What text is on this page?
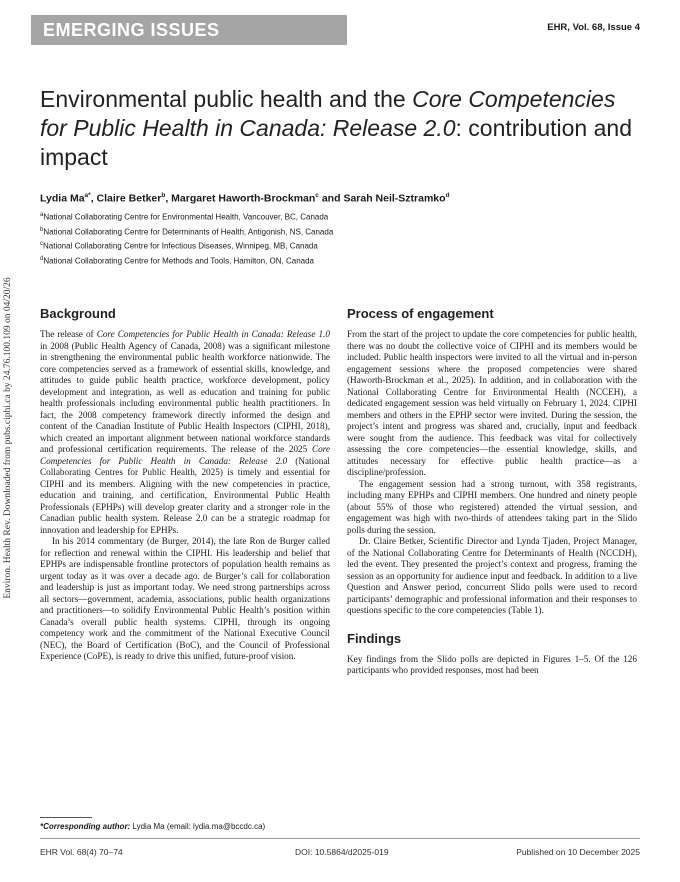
EMERGING ISSUES	EHR, Vol. 68, Issue 4
Environ. Health Rev. Downloaded from pubs.ciphi.ca by 24.76.100.109 on 04/20/26
Environmental public health and the Core Competencies for Public Health in Canada: Release 2.0: contribution and impact
Lydia $Ma^{a*}$, Claire Betker$^b$, Margaret Haworth-Brockman$^c$ and Sarah Neil-Sztramko$^d$
$^a$National Collaborating Centre for Environmental Health, Vancouver, BC, Canada
$^b$National Collaborating Centre for Determinants of Health, Antigonish, NS, Canada
$^c$National Collaborating Centre for Infectious Diseases, Winnipeg, MB, Canada
$^d$National Collaborating Centre for Methods and Tools, Hamilton, ON, Canada
Background

The release of Core Competencies for Public Health in Canada: Release 1.0 in 2008 (Public Health Agency of Canada, 2008) was a significant milestone in strengthening the environmental public health workforce nationwide. The core competencies served as a framework of essential skills, knowledge, and attitudes to guide public health practice, workforce development, policy development and integration, as well as education and training for public health professionals including environmental public health practitioners. In fact, the 2008 competency framework directly informed the design and content of the Canadian Institute of Public Health Inspectors (CIPHI, 2018), which created an important alignment between national workforce standards and professional certification requirements. The release of the 2025 Core Competencies for Public Health in Canada: Release 2.0 (National Collaborating Centres for Public Health, 2025) is timely and essential for CIPHI and its members. Aligning with the new competencies in practice, education and training, and certification, Environmental Public Health Professionals (EPHPs) will develop greater clarity and a stronger role in the Canadian public health system. Release 2.0 can be a strategic roadmap for innovation and leadership for EPHPs.

In his 2014 commentary (de Burger, 2014), the late Ron de Burger called for reflection and renewal within the CIPHI. His leadership and belief that EPHPs are indispensable frontline protectors of population health remains as urgent today as it was over a decade ago. de Burger’s call for collaboration and leadership is just as important today. We need strong partnerships across all sectors—government, academia, associations, public health organizations and practitioners—to solidify Environmental Public Health’s position within Canada’s overall public health systems. CIPHI, through its ongoing competency work and the commitment of the National Executive Council (NEC), the Board of Certification (BoC), and the Council of Professional Experience (CoPE), is ready to drive this unified, future-proof vision.

Process of engagement

From the start of the project to update the core competencies for public health, there was no doubt the collective voice of CIPHI and its members would be included. Public health inspectors were invited to all the virtual and in-person engagement sessions where the proposed competencies were shared (Haworth-Brockman et al., 2025). In addition, and in collaboration with the National Collaborating Centre for Environmental Health (NCCEH), a dedicated engagement session was held virtually on February 1, 2024. CIPHI members and others in the EPHP sector were invited. During the session, the project’s intent and progress was shared and, crucially, input and feedback were sought from the audience. This feedback was vital for collectively assessing the core competencies—the essential knowledge, skills, and attitudes necessary for effective public health practice—as a discipline/profession.

The engagement session had a strong turnout, with 358 registrants, including many EPHPs and CIPHI members. One hundred and ninety people (about 55% of those who registered) attended the virtual session, and engagement was high with two-thirds of attendees taking part in the Slido polls during the session.

Dr. Claire Betker, Scientific Director and Lynda Tjaden, Project Manager, of the National Collaborating Centre for Determinants of Health (NCCDH), led the event. They presented the project’s context and progress, framing the session as an opportunity for audience input and feedback. In addition to a live Question and Answer period, concurrent Slido polls were used to record participants’ demographic and professional information and their responses to questions specific to the core competencies (Table 1).

Findings

Key findings from the Slido polls are depicted in Figures 1–5. Of the 126 participants who provided responses, most had been

*Corresponding author: Lydia Ma (email: lydia.ma@bccdc.ca)
EHR Vol. 68(4) 70–74	DOI: 10.5864/d2025-019	Published on 10 December 2025
